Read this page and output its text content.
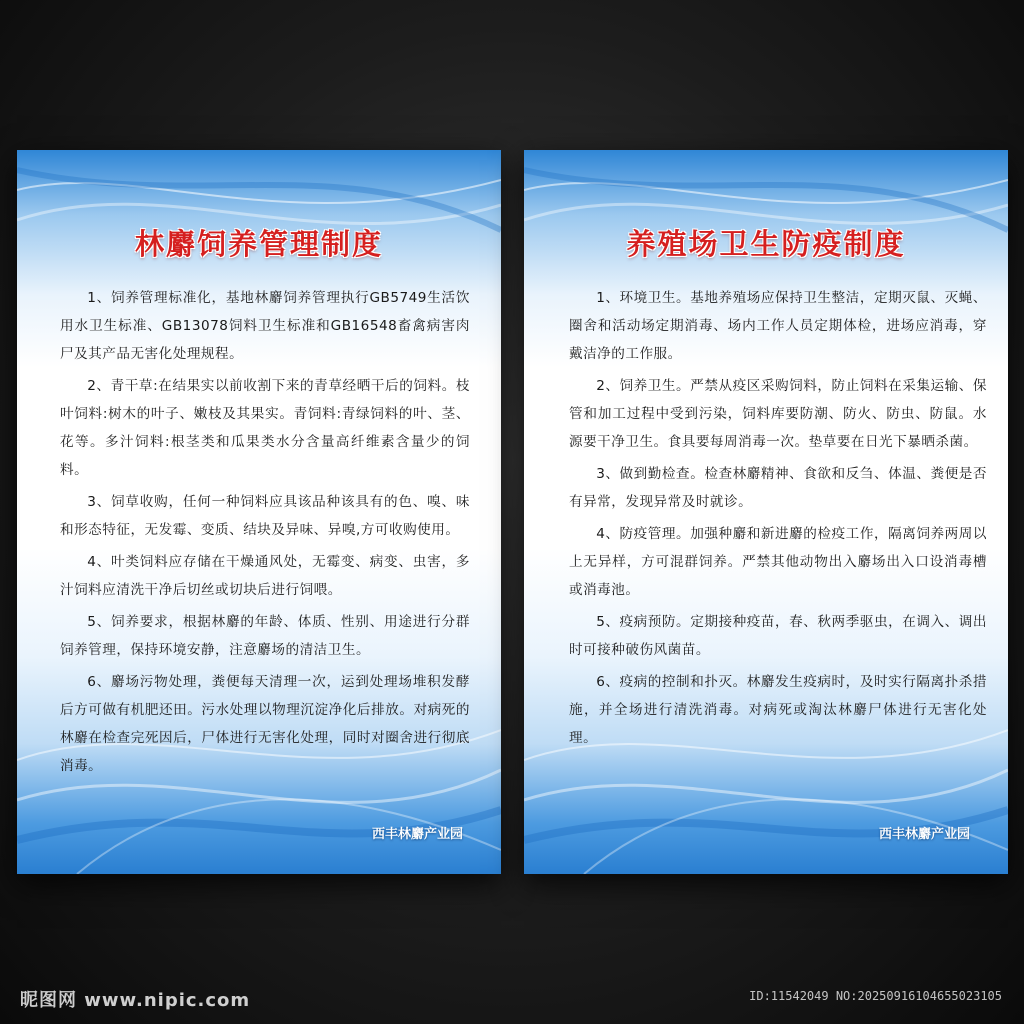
林麝饲养管理制度

1、饲养管理标准化，基地林麝饲养管理执行GB5749生活饮用水卫生标准、GB13078饲料卫生标准和GB16548畜禽病害肉尸及其产品无害化处理规程。

2、青干草:在结果实以前收割下来的青草经晒干后的饲料。枝叶饲料:树木的叶子、嫩枝及其果实。青饲料:青绿饲料的叶、茎、花等。多汁饲料:根茎类和瓜果类水分含量高纤维素含量少的饲料。

3、饲草收购，任何一种饲料应具该品种该具有的色、嗅、味和形态特征，无发霉、变质、结块及异味、异嗅,方可收购使用。

4、叶类饲料应存储在干燥通风处，无霉变、病变、虫害，多汁饲料应清洗干净后切丝或切块后进行饲喂。

5、饲养要求，根据林麝的年龄、体质、性别、用途进行分群饲养管理，保持环境安静，注意麝场的清洁卫生。

6、麝场污物处理，粪便每天清理一次，运到处理场堆积发酵后方可做有机肥还田。污水处理以物理沉淀净化后排放。对病死的林麝在检查完死因后，尸体进行无害化处理，同时对圈舍进行彻底消毒。

西丰林麝产业园
养殖场卫生防疫制度

1、环境卫生。基地养殖场应保持卫生整洁，定期灭鼠、灭蝇、圈舍和活动场定期消毒、场内工作人员定期体检，进场应消毒，穿戴洁净的工作服。

2、饲养卫生。严禁从疫区采购饲料，防止饲料在采集运输、保管和加工过程中受到污染，饲料库要防潮、防火、防虫、防鼠。水源要干净卫生。食具要每周消毒一次。垫草要在日光下暴晒杀菌。

3、做到勤检查。检查林麝精神、食欲和反刍、体温、粪便是否有异常，发现异常及时就诊。

4、防疫管理。加强种麝和新进麝的检疫工作，隔离饲养两周以上无异样，方可混群饲养。严禁其他动物出入麝场出入口设消毒槽或消毒池。

5、疫病预防。定期接种疫苗，春、秋两季驱虫，在调入、调出时可接种破伤风菌苗。

6、疫病的控制和扑灭。林麝发生疫病时，及时实行隔离扑杀措施，并全场进行清洗消毒。对病死或淘汰林麝尸体进行无害化处理。

西丰林麝产业园
昵图网 www.nipic.com	ID:11542049 NO:20250916104655023105
